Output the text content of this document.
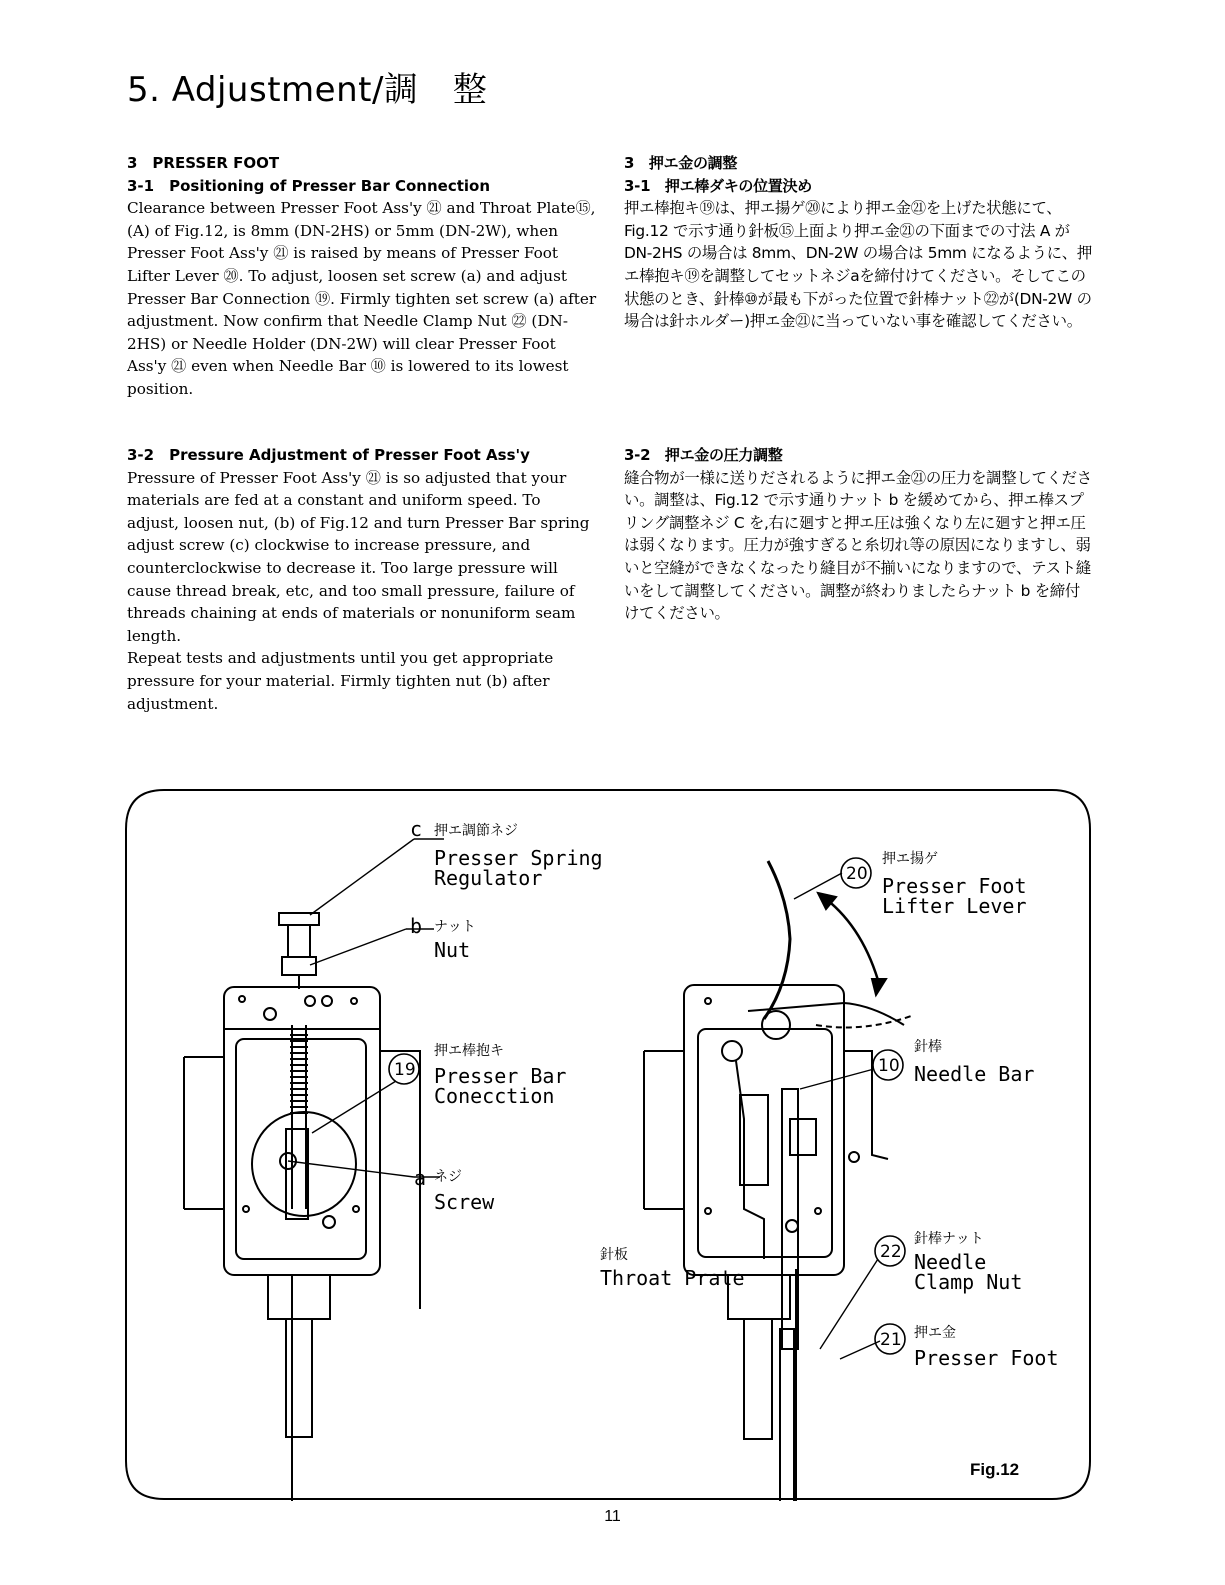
5. Adjustment/調　整
3　PRESSER FOOT
3-1　Positioning of Presser Bar Connection

Clearance between Presser Foot Ass'y ㉑ and Throat Plate⑮, (A) of Fig.12, is 8mm (DN-2HS) or 5mm (DN-2W), when Presser Foot Ass'y ㉑ is raised by means of Presser Foot Lifter Lever ⑳. To adjust, loosen set screw (a) and adjust Presser Bar Connection ⑲. Firmly tighten set screw (a) after adjustment. Now confirm that Needle Clamp Nut ㉒ (DN-2HS) or Needle Holder (DN-2W) will clear Presser Foot Ass'y ㉑ even when Needle Bar ⑩ is lowered to its lowest position.

3　押エ金の調整
3-1　押エ棒ダキの位置決め

押エ棒抱キ⑲は、押エ揚ゲ⑳により押エ金㉑を上げた状態にて、Fig.12 で示す通り針板⑮上面より押エ金㉑の下面までの寸法 A が DN-2HS の場合は 8mm、DN-2W の場合は 5mm になるように、押エ棒抱キ⑲を調整してセットネジaを締付けてください。そしてこの状態のとき、針棒⑩が最も下がった位置で針棒ナット㉒が(DN-2W の場合は針ホルダー)押エ金㉑に当っていない事を確認してください。

3-2　Pressure Adjustment of Presser Foot Ass'y

Pressure of Presser Foot Ass'y ㉑ is so adjusted that your materials are fed at a constant and uniform speed. To adjust, loosen nut, (b) of Fig.12 and turn Presser Bar spring adjust screw (c) clockwise to increase pressure, and counterclockwise to decrease it. Too large pressure will cause thread break, etc, and too small pressure, failure of threads chaining at ends of materials or nonuniform seam length.

Repeat tests and adjustments until you get appropriate pressure for your material. Firmly tighten nut (b) after adjustment.

3-2　押エ金の圧力調整

縫合物が一様に送りだされるように押エ金㉑の圧力を調整してください。調整は、Fig.12 で示す通りナット b を緩めてから、押エ棒スプリング調整ネジ C を,右に廻すと押エ圧は強くなり左に廻すと押エ圧は弱くなります。圧力が強すぎると糸切れ等の原因になりますし、弱いと空縫ができなくなったり縫目が不揃いになりますので、テスト縫いをして調整してください。調整が終わりましたらナット b を締付けてください。

c 押エ調節ネジ
Presser Spring
Regulator
b ナット
Nut
19
押エ棒抱キ
Presser Bar
Conecction
a ネジ
Screw
針板
Throat Prate
20
押エ揚ゲ
Presser Foot
Lifter Lever
10
針棒
Needle Bar
22
針棒ナット
Needle
Clamp Nut
21 押エ金
Presser Foot
Fig.12
11
